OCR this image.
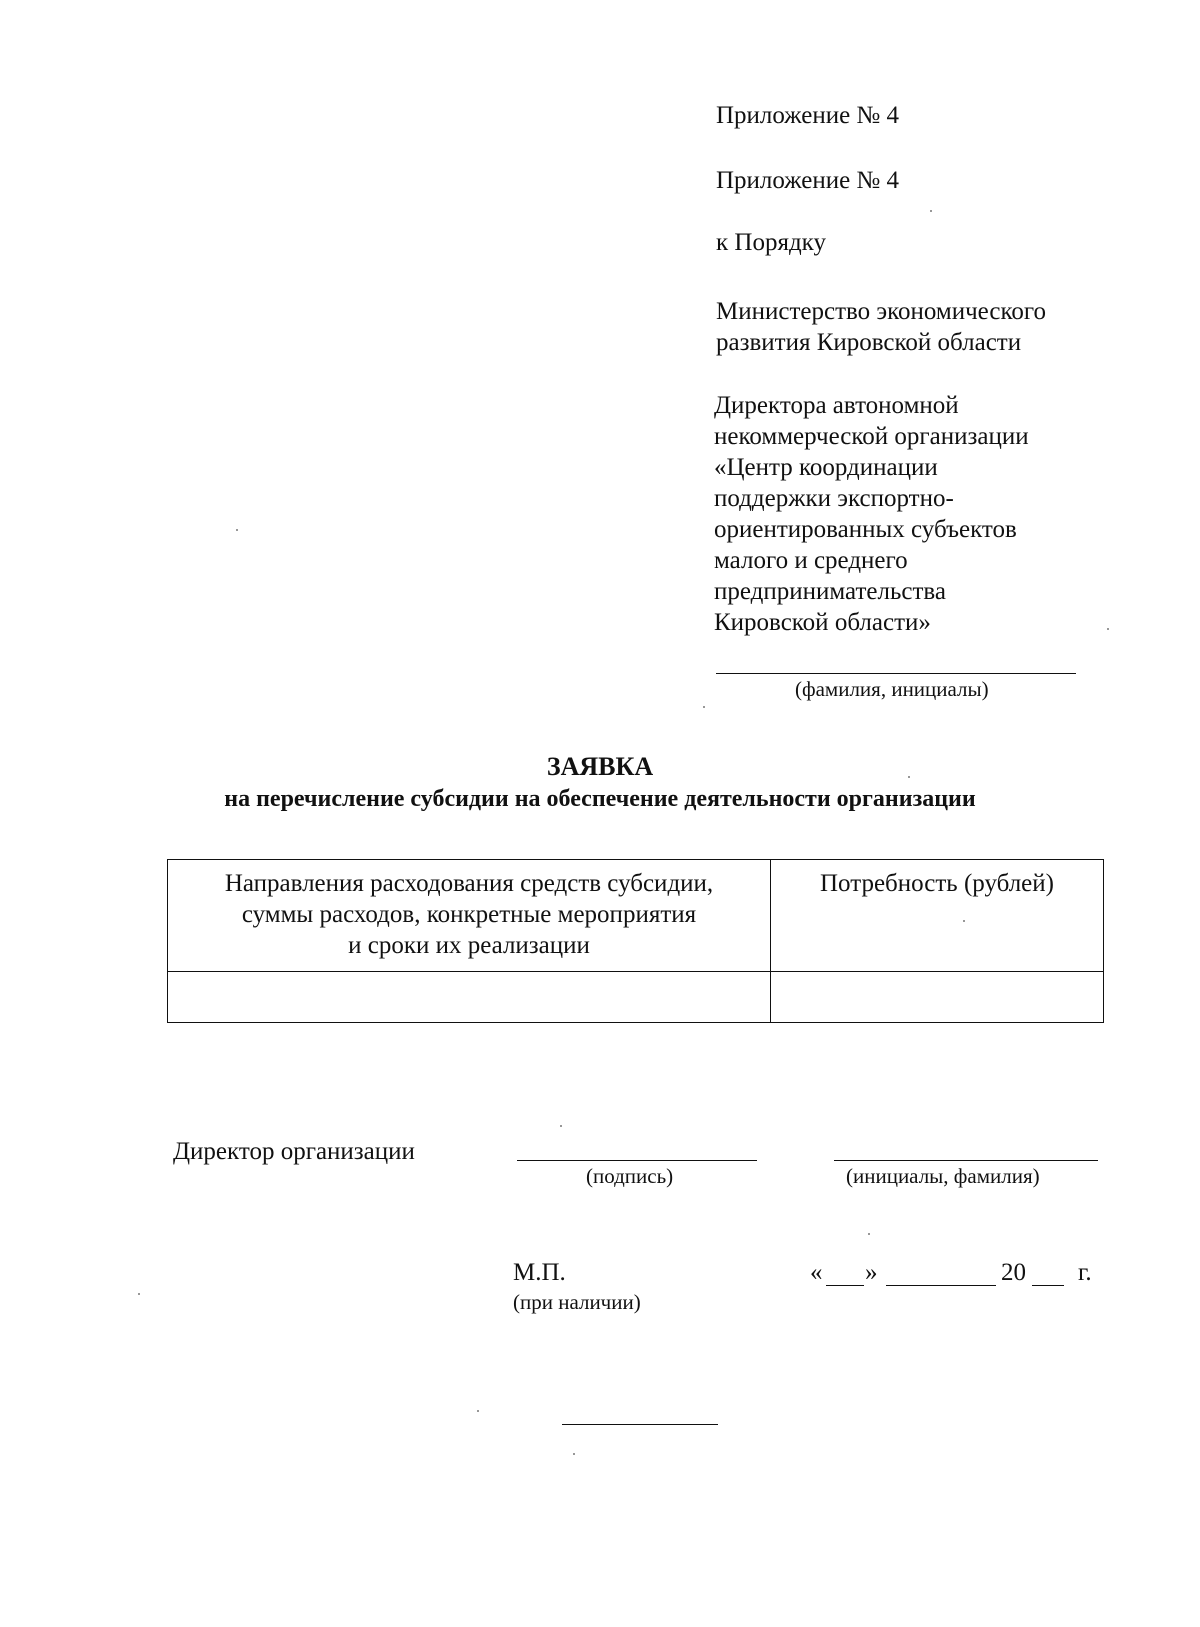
Приложение № 4
Приложение № 4
к Порядку
Министерство экономического
развития Кировской области
Директора автономной
некоммерческой организации
«Центр координации
поддержки экспортно-
ориентированных субъектов
малого и среднего
предпринимательства
Кировской области»
(фамилия, инициалы)
ЗАЯВКА
на перечисление субсидии на обеспечение деятельности организации
Направления расходования средств субсидии,
суммы расходов, конкретные мероприятия
и сроки их реализации	Потребность (рублей)

Директор организации
(подпись)	(инициалы, фамилия)
М.П.
(при наличии)
« »	20 г.
